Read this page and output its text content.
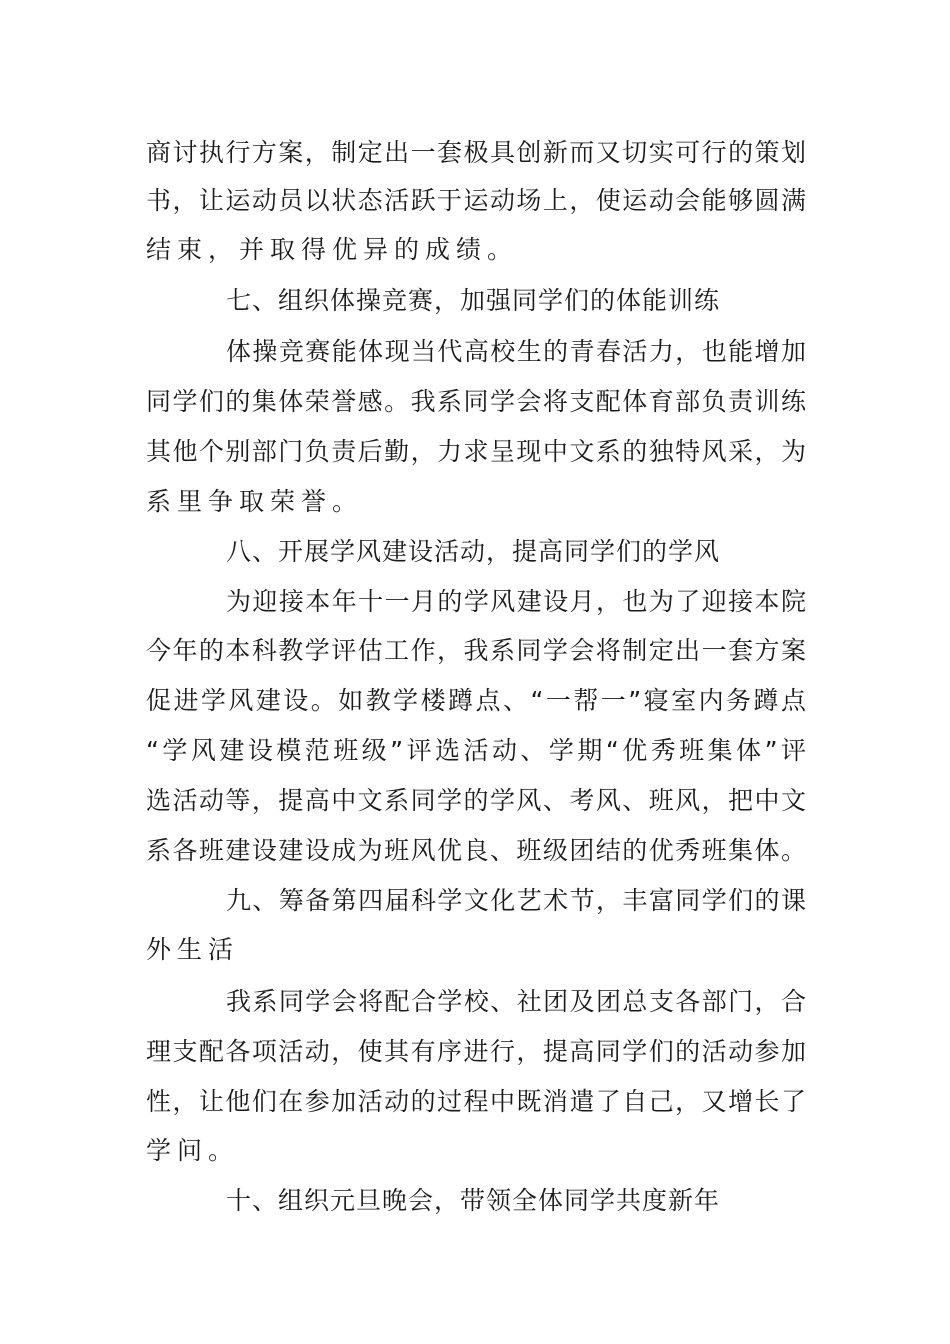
商讨执行方案，制定出一套极具创新而又切实可行的策划
书，让运动员以状态活跃于运动场上，使运动会能够圆满
结束，并取得优异的成绩。
七、组织体操竞赛，加强同学们的体能训练
体操竞赛能体现当代高校生的青春活力，也能增加
同学们的集体荣誉感。我系同学会将支配体育部负责训练
其他个别部门负责后勤，力求呈现中文系的独特风采，为
系里争取荣誉。
八、开展学风建设活动，提高同学们的学风
为迎接本年十一月的学风建设月，也为了迎接本院
今年的本科教学评估工作，我系同学会将制定出一套方案
促进学风建设。如教学楼蹲点、“一帮一”寝室内务蹲点
“学风建设模范班级”评选活动、学期“优秀班集体”评
选活动等，提高中文系同学的学风、考风、班风，把中文
系各班建设建设成为班风优良、班级团结的优秀班集体。
九、筹备第四届科学文化艺术节，丰富同学们的课
外生活
我系同学会将配合学校、社团及团总支各部门，合
理支配各项活动，使其有序进行，提高同学们的活动参加
性，让他们在参加活动的过程中既消遣了自己，又增长了
学问。
十、组织元旦晚会，带领全体同学共度新年
